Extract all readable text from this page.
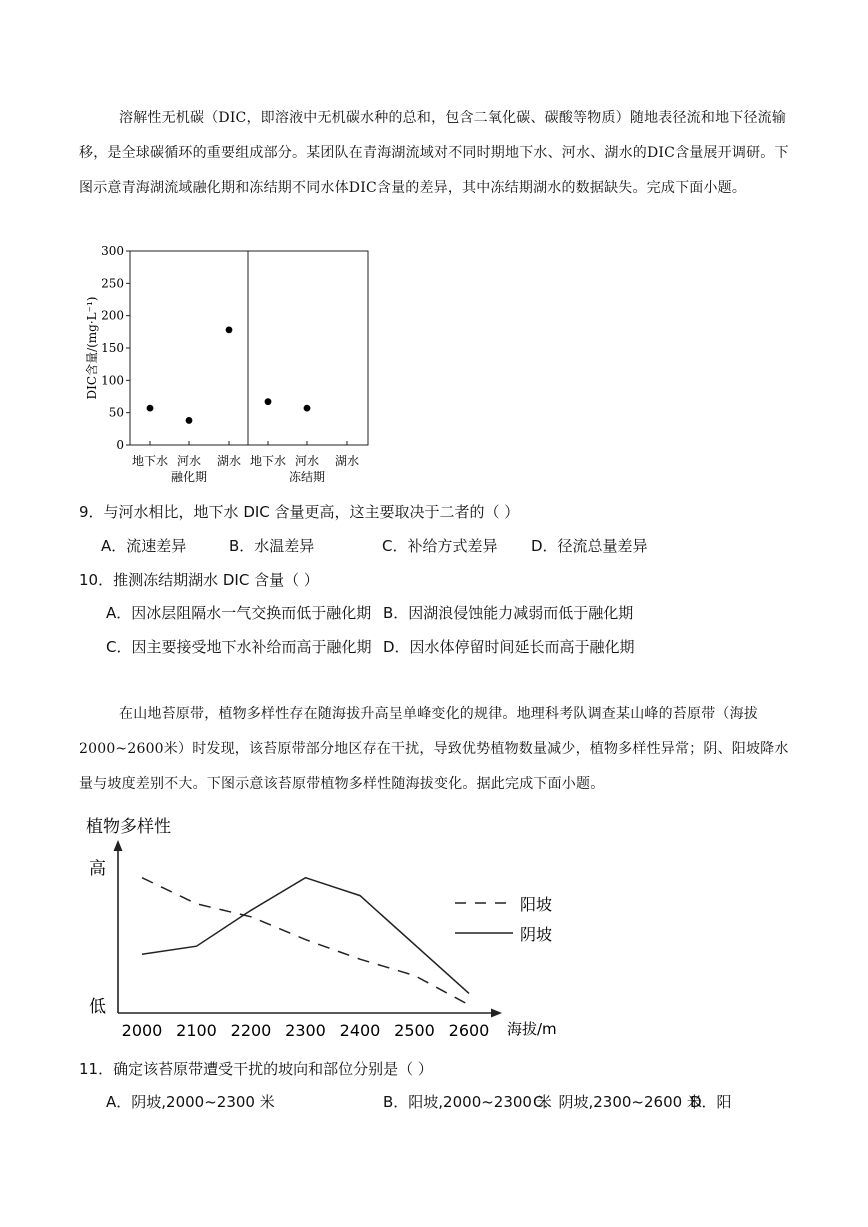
溶解性无机碳（DIC，即溶液中无机碳水种的总和，包含二氧化碳、碳酸等物质）随地表径流和地下径流输移，是全球碳循环的重要组成部分。某团队在青海湖流域对不同时期地下水、河水、湖水的DIC含量展开调研。下图示意青海湖流域融化期和冻结期不同水体DIC含量的差异，其中冻结期湖水的数据缺失。完成下面小题。
0
50
100
150
200
250
300
地下水 河水 湖水 地下水 河水 湖水
DIC含量/(mg·L⁻¹)
融化期	冻结期
9．与河水相比，地下水 DIC 含量更高，这主要取决于二者的（ ）
A．流速差异	B．水温差异	C．补给方式差异 D．径流总量差异
10．推测冻结期湖水 DIC 含量（ ）
A．因冰层阻隔水一气交换而低于融化期 B．因湖浪侵蚀能力减弱而低于融化期
C．因主要接受地下水补给而高于融化期 D．因水体停留时间延长而高于融化期
在山地苔原带，植物多样性存在随海拔升高呈单峰变化的规律。地理科考队调查某山峰的苔原带（海拔2000~2600米）时发现，该苔原带部分地区存在干扰，导致优势植物数量减少，植物多样性异常；阴、阳坡降水量与坡度差别不大。下图示意该苔原带植物多样性随海拔变化。据此完成下面小题。
植物多样性
高
低
2000 2100 2200 2300 2400 2500 2600 海拔/m
阳坡
阴坡
11．确定该苔原带遭受干扰的坡向和部位分别是（ ）
A．阴坡,2000~2300 米	B．阳坡,2000~2300 米
C．阴坡,2300~2600 米
D．阳
